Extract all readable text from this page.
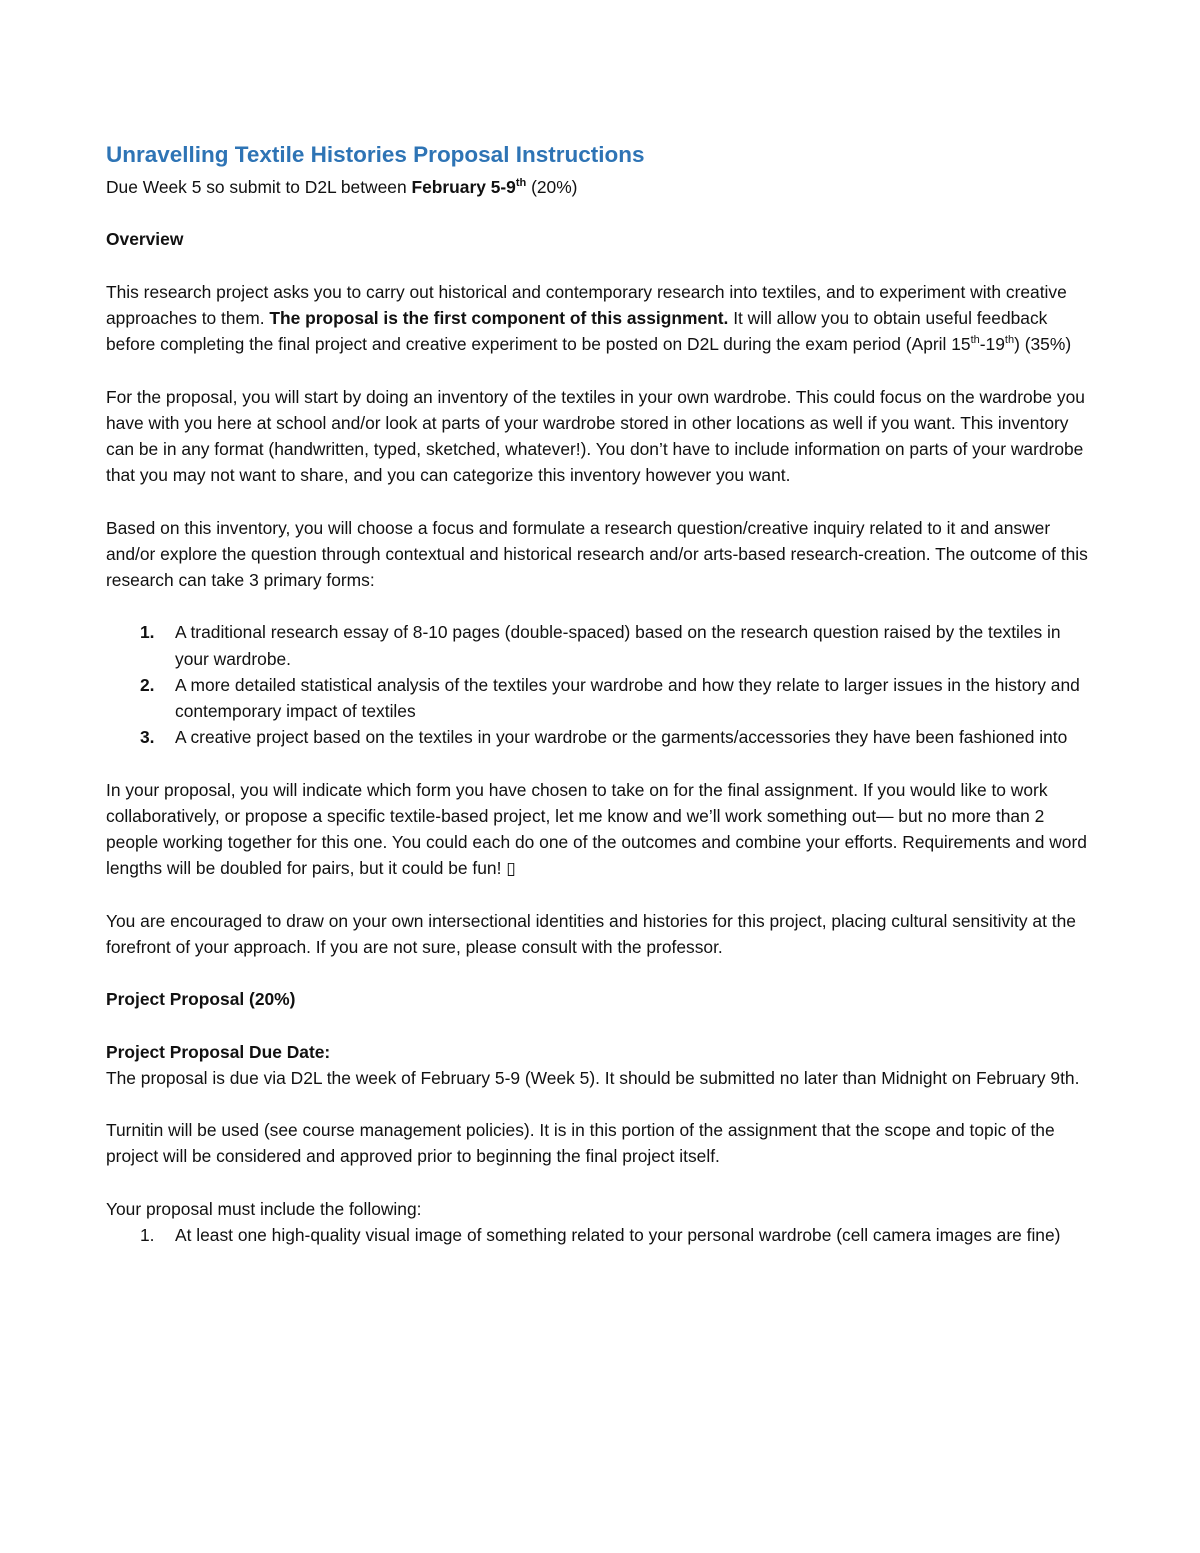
Unravelling Textile Histories Proposal Instructions

Due Week 5 so submit to D2L between February 5-9th (20%)

Overview

This research project asks you to carry out historical and contemporary research into textiles, and to experiment with creative approaches to them. The proposal is the first component of this assignment. It will allow you to obtain useful feedback before completing the final project and creative experiment to be posted on D2L during the exam period (April 15th-19th) (35%)

For the proposal, you will start by doing an inventory of the textiles in your own wardrobe. This could focus on the wardrobe you have with you here at school and/or look at parts of your wardrobe stored in other locations as well if you want. This inventory can be in any format (handwritten, typed, sketched, whatever!). You don’t have to include information on parts of your wardrobe that you may not want to share, and you can categorize this inventory however you want.

Based on this inventory, you will choose a focus and formulate a research question/creative inquiry related to it and answer and/or explore the question through contextual and historical research and/or arts-based research-creation. The outcome of this research can take 3 primary forms:

1. A traditional research essay of 8-10 pages (double-spaced) based on the research question raised by the textiles in your wardrobe.
2. A more detailed statistical analysis of the textiles your wardrobe and how they relate to larger issues in the history and contemporary impact of textiles
3. A creative project based on the textiles in your wardrobe or the garments/accessories they have been fashioned into

In your proposal, you will indicate which form you have chosen to take on for the final assignment. If you would like to work collaboratively, or propose a specific textile-based project, let me know and we’ll work something out— but no more than 2 people working together for this one. You could each do one of the outcomes and combine your efforts. Requirements and word lengths will be doubled for pairs, but it could be fun! ▯

You are encouraged to draw on your own intersectional identities and histories for this project, placing cultural sensitivity at the forefront of your approach. If you are not sure, please consult with the professor.

Project Proposal (20%)

Project Proposal Due Date:

The proposal is due via D2L the week of February 5-9 (Week 5). It should be submitted no later than Midnight on February 9th.

Turnitin will be used (see course management policies). It is in this portion of the assignment that the scope and topic of the project will be considered and approved prior to beginning the final project itself.

Your proposal must include the following:

1. At least one high-quality visual image of something related to your personal wardrobe (cell camera images are fine)
